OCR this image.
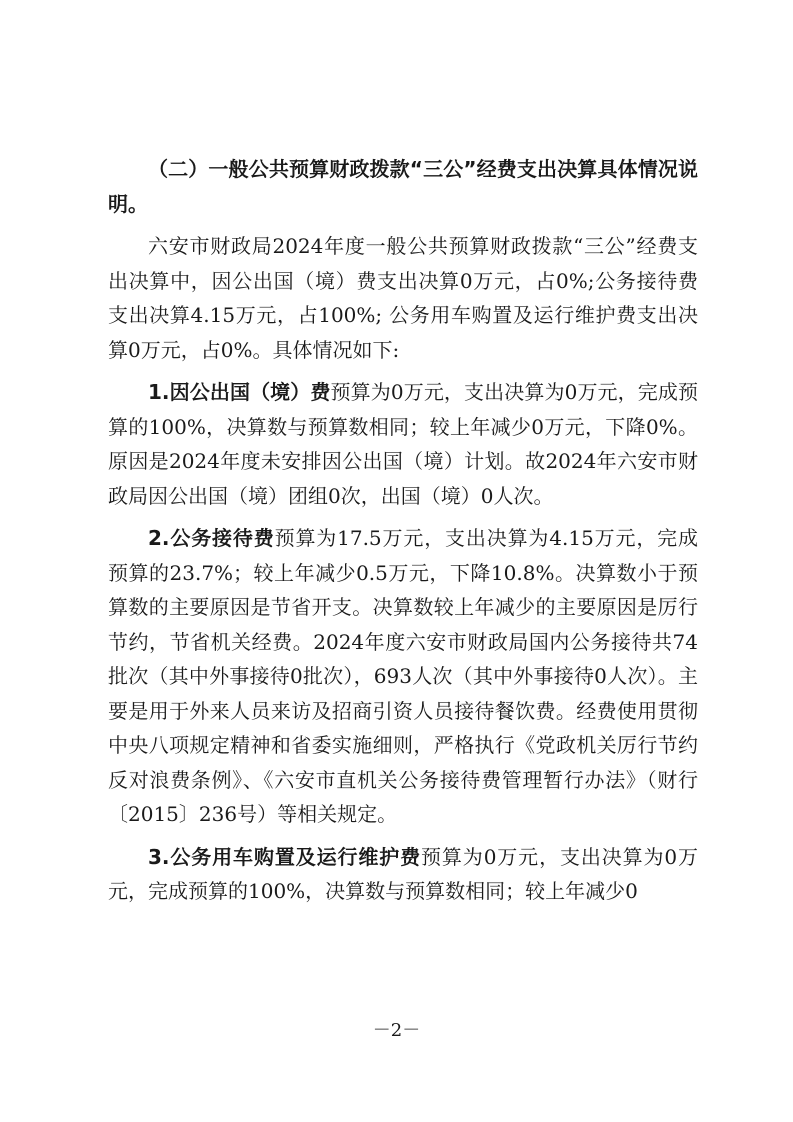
（二）一般公共预算财政拨款“三公”经费支出决算具体情况说明。

六安市财政局2024年度一般公共预算财政拨款“三公”经费支出决算中，因公出国（境）费支出决算0万元，占0%;公务接待费支出决算4.15万元，占100%; 公务用车购置及运行维护费支出决算0万元，占0%。具体情况如下:

1.因公出国（境）费预算为0万元，支出决算为0万元，完成预算的100%，决算数与预算数相同；较上年减少0万元，下降0%。原因是2024年度未安排因公出国（境）计划。故2024年六安市财政局因公出国（境）团组0次，出国（境）0人次。

2.公务接待费预算为17.5万元，支出决算为4.15万元，完成预算的23.7%；较上年减少0.5万元，下降10.8%。决算数小于预算数的主要原因是节省开支。决算数较上年减少的主要原因是厉行节约，节省机关经费。2024年度六安市财政局国内公务接待共74批次（其中外事接待0批次），693人次（其中外事接待0人次）。主要是用于外来人员来访及招商引资人员接待餐饮费。经费使用贯彻中央八项规定精神和省委实施细则，严格执行《党政机关厉行节约反对浪费条例》、《六安市直机关公务接待费管理暂行办法》（财行〔2015〕236号）等相关规定。

3.公务用车购置及运行维护费预算为0万元，支出决算为0万元，完成预算的100%，决算数与预算数相同；较上年减少0

－2－
